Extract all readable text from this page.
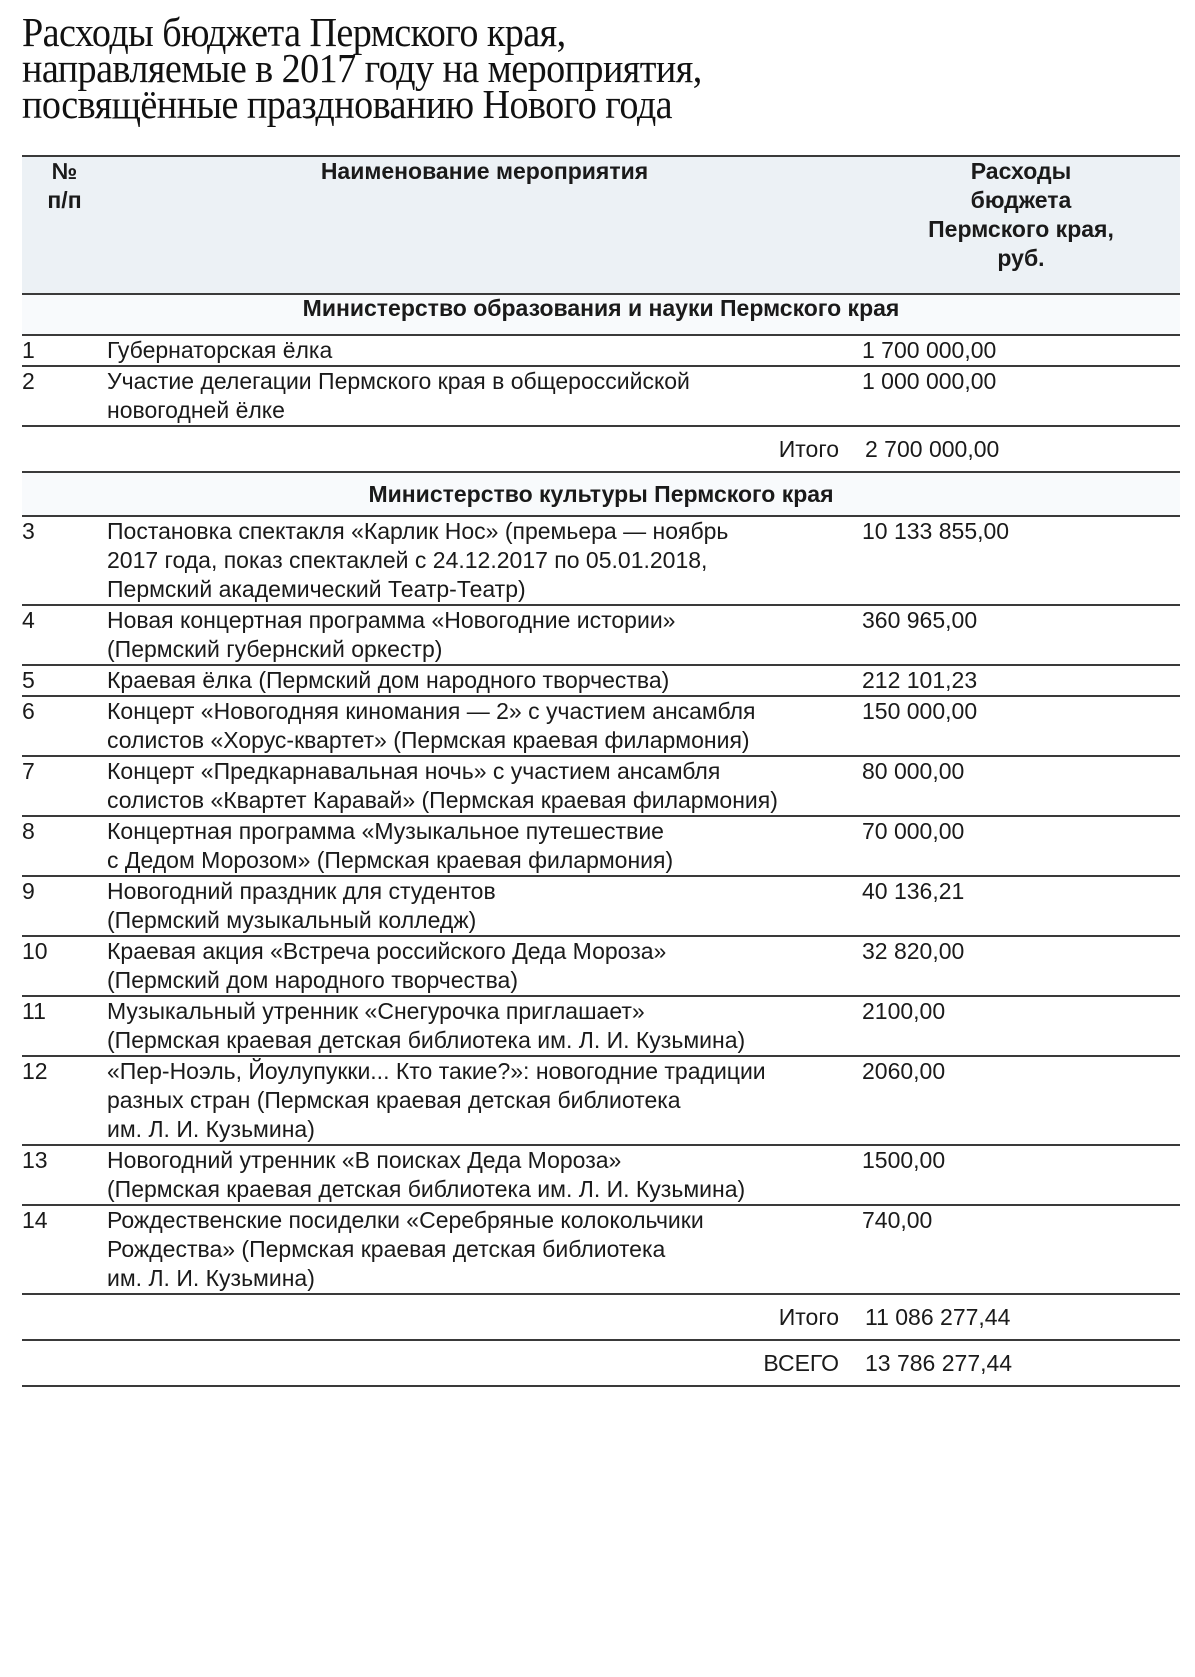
Расходы бюджета Пермского края,
направляемые в 2017 году на мероприятия,
посвящённые празднованию Нового года
№
п/п
	Наименование мероприятия	Расходы
бюджета
Пермского края,
руб.

Министерство образования и науки Пермского края		
1	Губернаторская ёлка	1 700 000,00
2	Участие делегации Пермского края в общероссийской
новогодней ёлке	1 000 000,00
Итого		2 700 000,00
Министерство культуры Пермского края		
3	Постановка спектакля «Карлик Нос» (премьера — ноябрь
2017 года, показ спектаклей с 24.12.2017 по 05.01.2018,
Пермский академический Театр-Театр)	10 133 855,00
4	Новая концертная программа «Новогодние истории»
(Пермский губернский оркестр)	360 965,00
5	Краевая ёлка (Пермский дом народного творчества)	212 101,23
6	Концерт «Новогодняя киномания — 2» с участием ансамбля
солистов «Хорус-квартет» (Пермская краевая филармония)	150 000,00
7	Концерт «Предкарнавальная ночь» с участием ансамбля
солистов «Квартет Каравай» (Пермская краевая филармония)	80 000,00
8	Концертная программа «Музыкальное путешествие
с Дедом Морозом» (Пермская краевая филармония)	70 000,00
9	Новогодний праздник для студентов
(Пермский музыкальный колледж)	40 136,21
10	Краевая акция «Встреча российского Деда Мороза»
(Пермский дом народного творчества)	32 820,00
11	Музыкальный утренник «Снегурочка приглашает»
(Пермская краевая детская библиотека им. Л. И. Кузьмина)	2100,00
12	«Пер-Ноэль, Йоулупукки... Кто такие?»: новогодние традиции
разных стран (Пермская краевая детская библиотека
им. Л. И. Кузьмина)	2060,00
13	Новогодний утренник «В поисках Деда Мороза»
(Пермская краевая детская библиотека им. Л. И. Кузьмина)	1500,00
14	Рождественские посиделки «Серебряные колокольчики
Рождества» (Пермская краевая детская библиотека
им. Л. И. Кузьмина)	740,00
Итого		11 086 277,44
ВСЕГО		13 786 277,44
